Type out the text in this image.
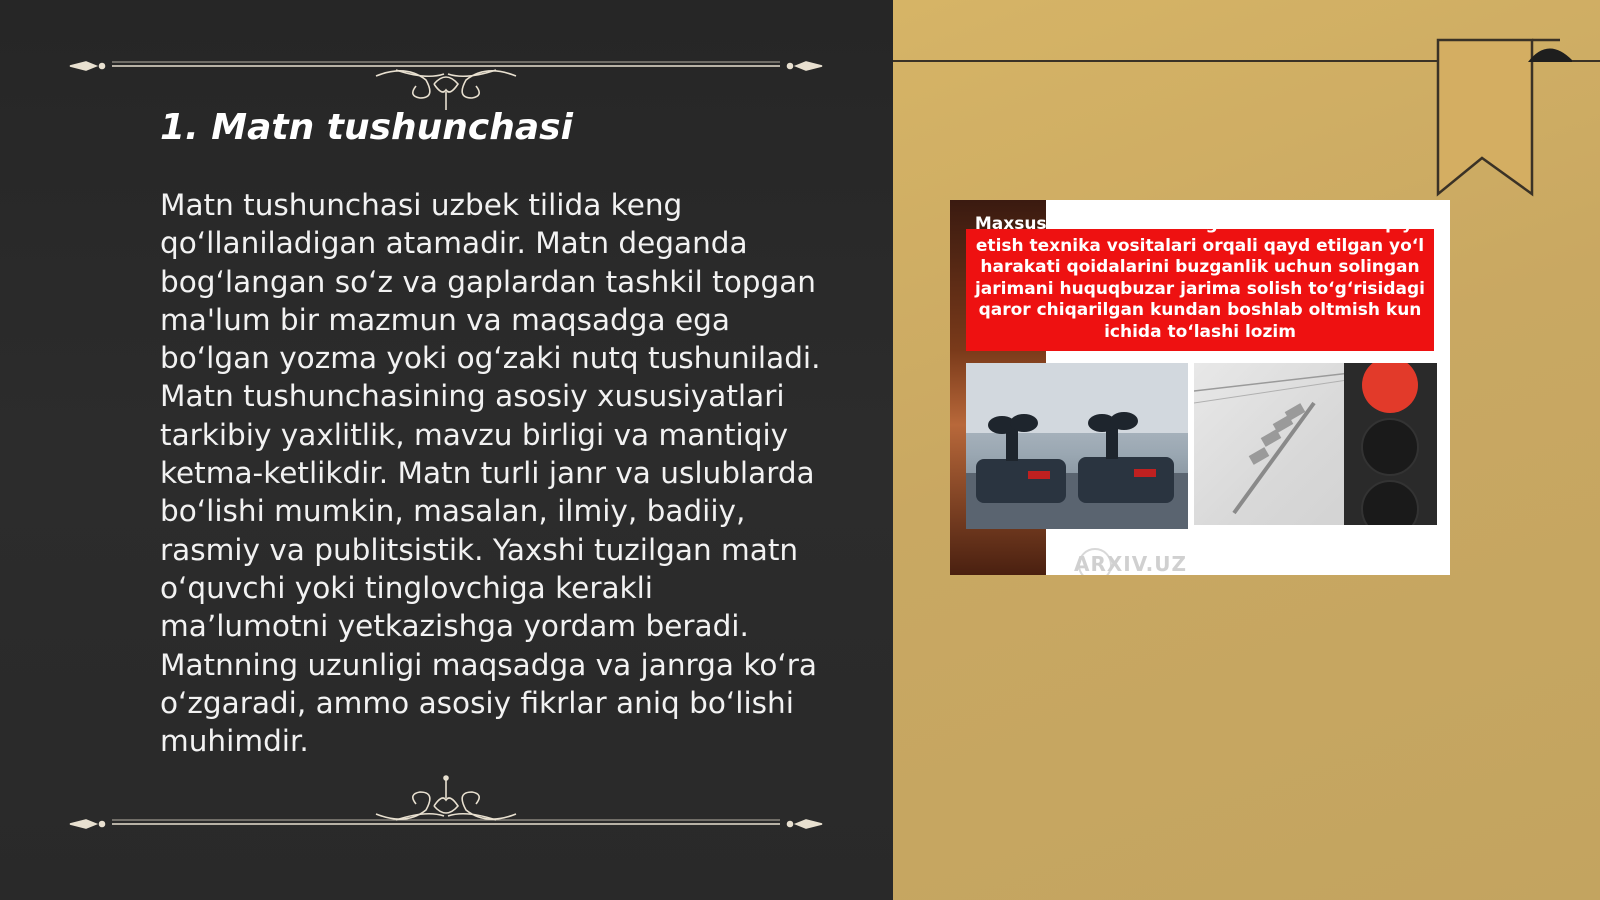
1. Matn tushunchasi

Matn tushunchasi uzbek tilida keng qo‘llaniladigan atamadir. Matn deganda bog‘langan so‘z va gaplardan tashkil topgan ma'lum bir mazmun va maqsadga ega bo‘lgan yozma yoki og‘zaki nutq tushuniladi. Matn tushunchasining asosiy xususiyatlari tarkibiy yaxlitlik, mavzu birligi va mantiqiy ketma-ketlikdir. Matn turli janr va uslublarda bo‘lishi mumkin, masalan, ilmiy, badiiy, rasmiy va publitsistik. Yaxshi tuzilgan matn o‘quvchi yoki tinglovchiga kerakli ma’lumotni yetkazishga yordam beradi. Matnning uzunligi maqsadga va janrga ko‘ra o‘zgaradi, ammo asosiy fikrlar aniq bo‘lishi muhimdir.

Maxsus avtomatlashtirilgan foto va video qayd etish texnika vositalari orqali qayd etilgan yo‘l harakati qoidalarini buzganlik uchun solingan jarimani huquqbuzar jarima solish to‘g‘risidagi qaror chiqarilgan kundan boshlab oltmish kun ichida to‘lashi lozim

ARXIV.UZ
